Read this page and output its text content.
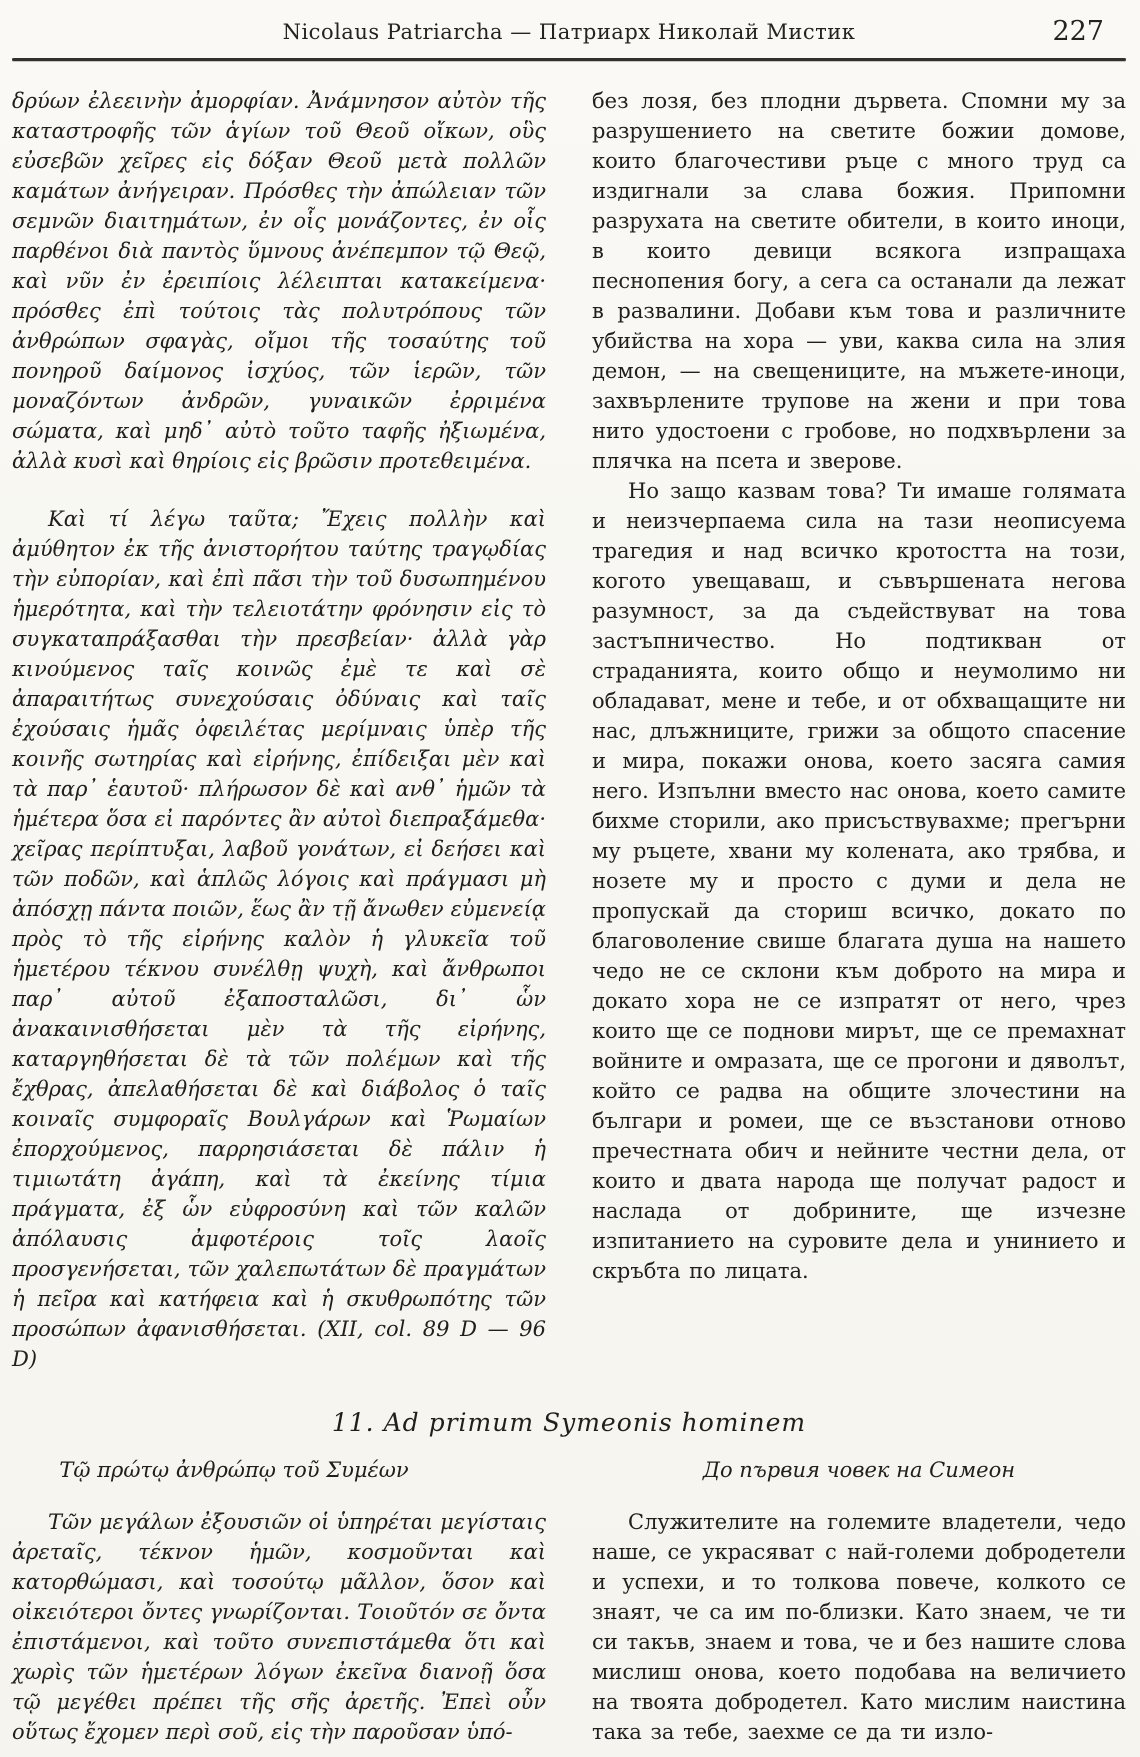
Nicolaus Patriarcha — Патриарх Николай Мистик	227

δρύων ἐλεεινὴν ἀμορφίαν. Ἀνάμνησον αὐτὸν τῆς καταστροφῆς τῶν ἁγίων τοῦ Θεοῦ οἴκων, οὓς εὐσεβῶν χεῖρες εἰς δόξαν Θεοῦ μετὰ πολλῶν καμάτων ἀνήγειραν. Πρόσθες τὴν ἀπώλειαν τῶν σεμνῶν διαιτημάτων, ἐν οἷς μονάζοντες, ἐν οἷς παρθένοι διὰ παντὸς ὕμνους ἀνέπεμπον τῷ Θεῷ, καὶ νῦν ἐν ἐρειπίοις λέλειπται κατακείμενα· πρόσθες ἐπὶ τούτοις τὰς πολυτρόπους τῶν ἀνθρώπων σφαγὰς, οἴμοι τῆς τοσαύτης τοῦ πονηροῦ δαίμονος ἰσχύος, τῶν ἱερῶν, τῶν μοναζόντων ἀνδρῶν, γυναικῶν ἐρριμένα σώματα, καὶ μηδ᾽ αὐτὸ τοῦτο ταφῆς ἠξιωμένα, ἀλλὰ κυσὶ καὶ θηρίοις εἰς βρῶσιν προτεθειμένα.

Καὶ τί λέγω ταῦτα; Ἔχεις πολλὴν καὶ ἀμύθητον ἐκ τῆς ἀνιστορήτου ταύτης τραγῳδίας τὴν εὐπορίαν, καὶ ἐπὶ πᾶσι τὴν τοῦ δυσωπημένου ἡμερότητα, καὶ τὴν τελειοτάτην φρόνησιν εἰς τὸ συγκαταπράξασθαι τὴν πρεσβείαν· ἀλλὰ γὰρ κινούμενος ταῖς κοινῶς ἐμὲ τε καὶ σὲ ἀπαραιτήτως συνεχούσαις ὀδύναις καὶ ταῖς ἐχούσαις ἡμᾶς ὀφειλέτας μερίμναις ὑπὲρ τῆς κοινῆς σωτηρίας καὶ εἰρήνης, ἐπίδειξαι μὲν καὶ τὰ παρ᾽ ἑαυτοῦ· πλήρωσον δὲ καὶ ανθ᾽ ἡμῶν τὰ ἡμέτερα ὅσα εἰ παρόντες ἂν αὐτοὶ διεπραξάμεθα· χεῖρας περίπτυξαι, λαβοῦ γονάτων, εἰ δεήσει καὶ τῶν ποδῶν, καὶ ἁπλῶς λόγοις καὶ πράγμασι μὴ ἀπόσχῃ πάντα ποιῶν, ἕως ἂν τῇ ἄνωθεν εὐμενείᾳ πρὸς τὸ τῆς εἰρήνης καλὸν ἡ γλυκεῖα τοῦ ἡμετέρου τέκνου συνέλθῃ ψυχὴ, καὶ ἄνθρωποι παρ᾽ αὐτοῦ ἐξαποσταλῶσι, δι᾽ ὧν ἀνακαινισθήσεται μὲν τὰ τῆς εἰρήνης, καταργηθήσεται δὲ τὰ τῶν πολέμων καὶ τῆς ἔχθρας, ἀπελαθήσεται δὲ καὶ διάβολος ὁ ταῖς κοιναῖς συμφοραῖς Βουλγάρων καὶ Ῥωμαίων ἐπορχούμενος, παρρησιάσεται δὲ πάλιν ἡ τιμιωτάτη ἀγάπη, καὶ τὰ ἐκείνης τίμια πράγματα, ἐξ ὧν εὐφροσύνη καὶ τῶν καλῶν ἀπόλαυσις ἀμφοτέροις τοῖς λαοῖς προσγενήσεται, τῶν χαλεπωτάτων δὲ πραγμάτων ἡ πεῖρα καὶ κατήφεια καὶ ἡ σκυθρωπότης τῶν προσώπων ἀφανισθήσεται. (XII, col. 89 D — 96 D)

без лозя, без плодни дървета. Спомни му за разрушението на светите божии домове, които благочестиви ръце с много труд са издигнали за слава божия. Припомни разрухата на светите обители, в които иноци, в които девици всякога изпращаха песнопения богу, а сега са останали да лежат в развалини. Добави към това и различните убийства на хора — уви, каква сила на злия демон, — на свещениците, на мъжете-иноци, захвърлените трупове на жени и при това нито удостоени с гробове, но подхвърлени за плячка на псета и зверове.

Но защо казвам това? Ти имаше голямата и неизчерпаема сила на тази неописуема трагедия и над всичко кротостта на този, когото увещаваш, и съвършената негова разумност, за да съдействуват на това застъпничество. Но подтикван от страданията, които общо и неумолимо ни обладават, мене и тебе, и от обхващащите ни нас, длъжниците, грижи за общото спасение и мира, покажи онова, което засяга самия него. Изпълни вместо нас онова, което самите бихме сторили, ако присъствувахме; прегърни му ръцете, хвани му колената, ако трябва, и нозете му и просто с думи и дела не пропускай да сториш всичко, докато по благоволение свише благата душа на нашето чедо не се склони към доброто на мира и докато хора не се изпратят от него, чрез които ще се поднови мирът, ще се премахнат войните и омразата, ще се прогони и дяволът, който се радва на общите злочестини на българи и ромеи, ще се възстанови отново пречестната обич и нейните честни дела, от които и двата народа ще получат радост и наслада от добрините, ще изчезне изпитанието на суровите дела и унинието и скръбта по лицата.

11. Ad primum Symeonis hominem
Τῷ πρώτῳ ἀνθρώπῳ τοῦ Συμέων

Τῶν μεγάλων ἐξουσιῶν οἱ ὑπηρέται μεγίσταις ἀρεταῖς, τέκνον ἡμῶν, κοσμοῦνται καὶ κατορθώμασι, καὶ τοσούτῳ μᾶλλον, ὅσον καὶ οἰκειότεροι ὄντες γνωρίζονται. Τοιοῦτόν σε ὄντα ἐπιστάμενοι, καὶ τοῦτο συνεπιστάμεθα ὅτι καὶ χωρὶς τῶν ἡμετέρων λόγων ἐκεῖνα διανοῇ ὅσα τῷ μεγέθει πρέπει τῆς σῆς ἀρετῆς. Ἐπεὶ οὖν οὕτως ἔχομεν περὶ σοῦ, εἰς τὴν παροῦσαν ὑπό-

До първия човек на Симеон

Служителите на големите владетели, чедо наше, се украсяват с най-големи добродетели и успехи, и то толкова повече, колкото се знаят, че са им по-близки. Като знаем, че ти си такъв, знаем и това, че и без нашите слова мислиш онова, което подобава на величието на твоята добродетел. Като мислим наистина така за тебе, заехме се да ти изло-
